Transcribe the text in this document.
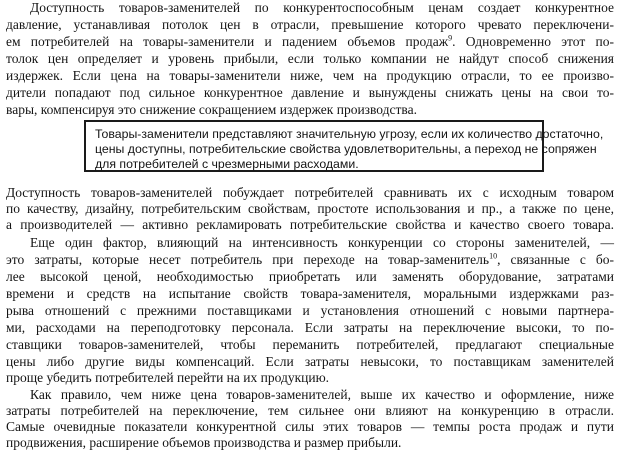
Доступность товаров-заменителей по конкурентоспособным ценам создает конкурентное
давление, устанавливая потолок цен в отрасли, превышение которого чревато переключени-
ем потребителей на товары-заменители и падением объемов продаж$^9$. Одновременно этот по-
толок цен определяет и уровень прибыли, если только компании не найдут способ снижения
издержек. Если цена на товары-заменители ниже, чем на продукцию отрасли, то ее произво-
дители попадают под сильное конкурентное давление и вынуждены снижать цены на свои то-
вары, компенсируя это снижение сокращением издержек производства.
Товары-заменители представляют значительную угрозу, если их количество достаточно,
цены доступны, потребительские свойства удовлетворительны, а переход не сопряжен
для потребителей с чрезмерными расходами.
Доступность товаров-заменителей побуждает потребителей сравнивать их с исходным товаром
по качеству, дизайну, потребительским свойствам, простоте использования и пр., а также по цене,
а производителей — активно рекламировать потребительские свойства и качество своего товара.
Еще один фактор, влияющий на интенсивность конкуренции со стороны заменителей, —
это затраты, которые несет потребитель при переходе на товар-заменитель$^{10}$, связанные с бо-
лее высокой ценой, необходимостью приобретать или заменять оборудование, затратами
времени и средств на испытание свойств товара-заменителя, моральными издержками раз-
рыва отношений с прежними поставщиками и установления отношений с новыми партнера-
ми, расходами на переподготовку персонала. Если затраты на переключение высоки, то по-
ставщики товаров-заменителей, чтобы переманить потребителей, предлагают специальные
цены либо другие виды компенсаций. Если затраты невысоки, то поставщикам заменителей
проще убедить потребителей перейти на их продукцию.
Как правило, чем ниже цена товаров-заменителей, выше их качество и оформление, ниже
затраты потребителей на переключение, тем сильнее они влияют на конкуренцию в отрасли.
Самые очевидные показатели конкурентной силы этих товаров — темпы роста продаж и пути
продвижения, расширение объемов производства и размер прибыли.
